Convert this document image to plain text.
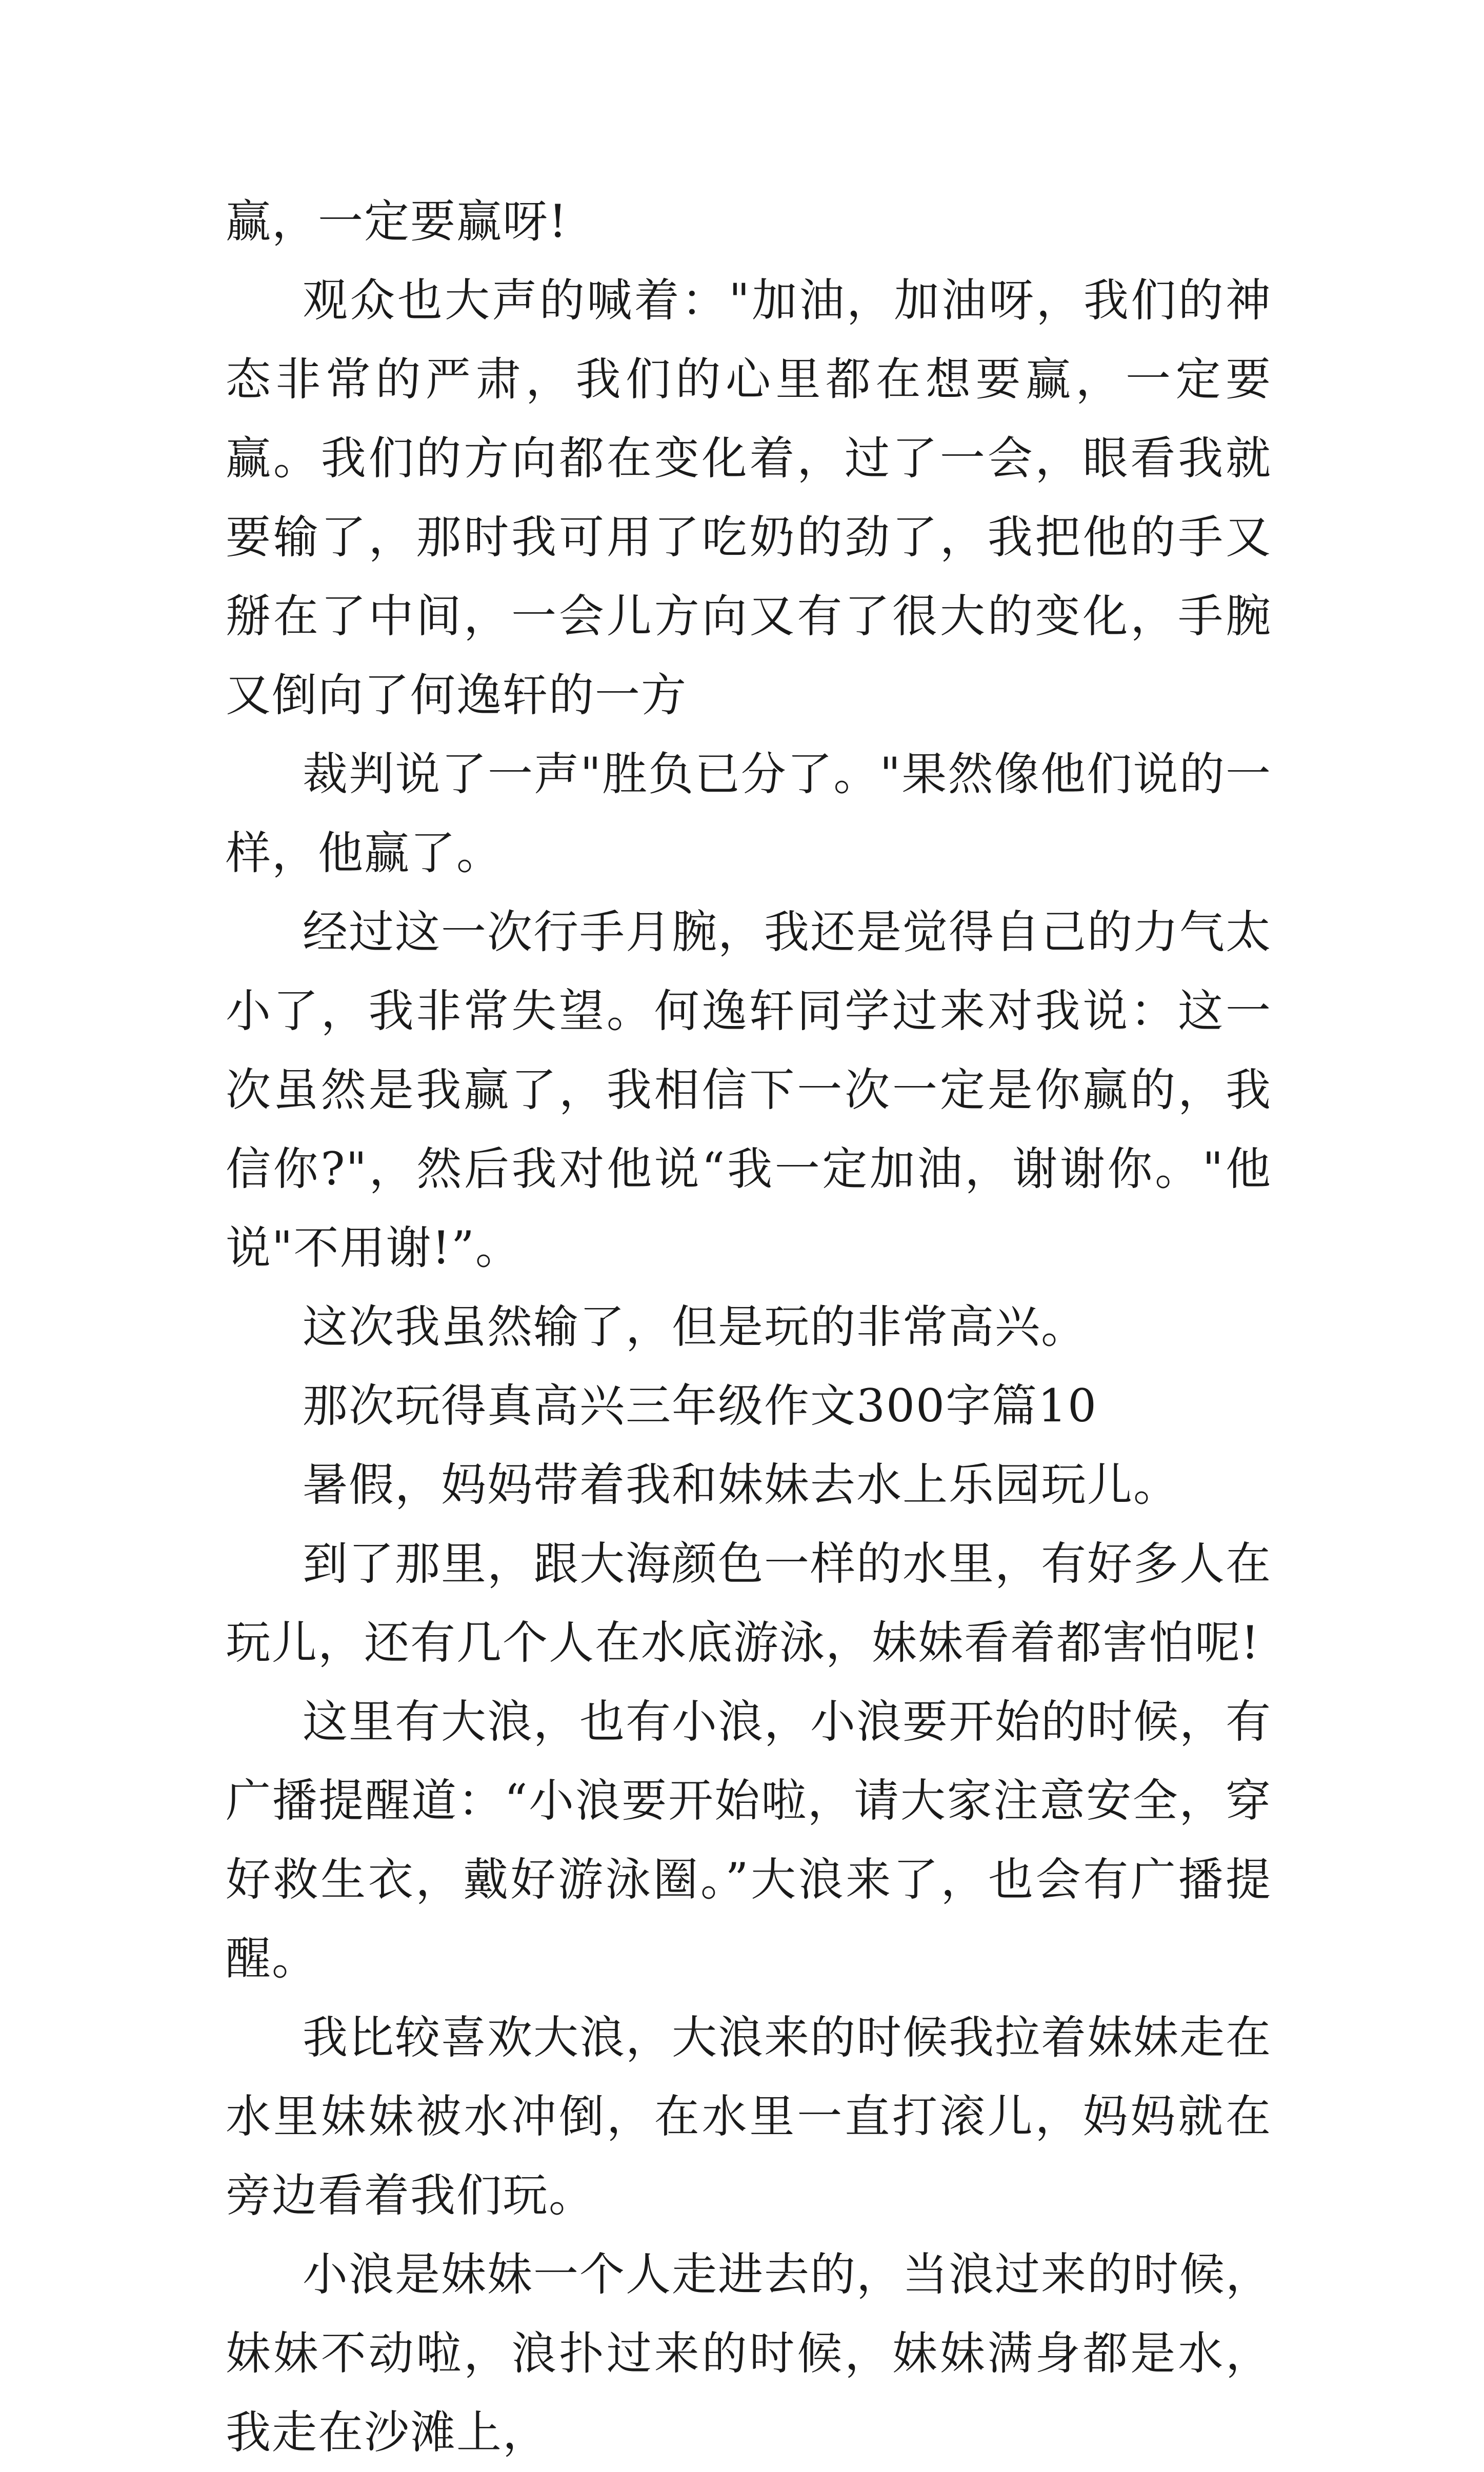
赢，一定要赢呀!

观众也大声的喊着："加油，加油呀，我们的神态非常的严肃，我们的心里都在想要赢，一定要赢。我们的方向都在变化着，过了一会，眼看我就要输了，那时我可用了吃奶的劲了，我把他的手又掰在了中间，一会儿方向又有了很大的变化，手腕又倒向了何逸轩的一方

裁判说了一声"胜负已分了。"果然像他们说的一样，他赢了。

经过这一次行手月腕，我还是觉得自己的力气太小了，我非常失望。何逸轩同学过来对我说：这一次虽然是我赢了，我相信下一次一定是你赢的，我信你?"，然后我对他说“我一定加油，谢谢你。"他说"不用谢!”。

这次我虽然输了，但是玩的非常高兴。

那次玩得真高兴三年级作文300字篇10

暑假，妈妈带着我和妹妹去水上乐园玩儿。

到了那里，跟大海颜色一样的水里，有好多人在玩儿，还有几个人在水底游泳，妹妹看着都害怕呢!

这里有大浪，也有小浪，小浪要开始的时候，有广播提醒道：“小浪要开始啦，请大家注意安全，穿好救生衣，戴好游泳圈。”大浪来了，也会有广播提醒。

我比较喜欢大浪，大浪来的时候我拉着妹妹走在水里妹妹被水冲倒，在水里一直打滚儿，妈妈就在旁边看着我们玩。

小浪是妹妹一个人走进去的，当浪过来的时候，妹妹不动啦，浪扑过来的时候，妹妹满身都是水，我走在沙滩上，
